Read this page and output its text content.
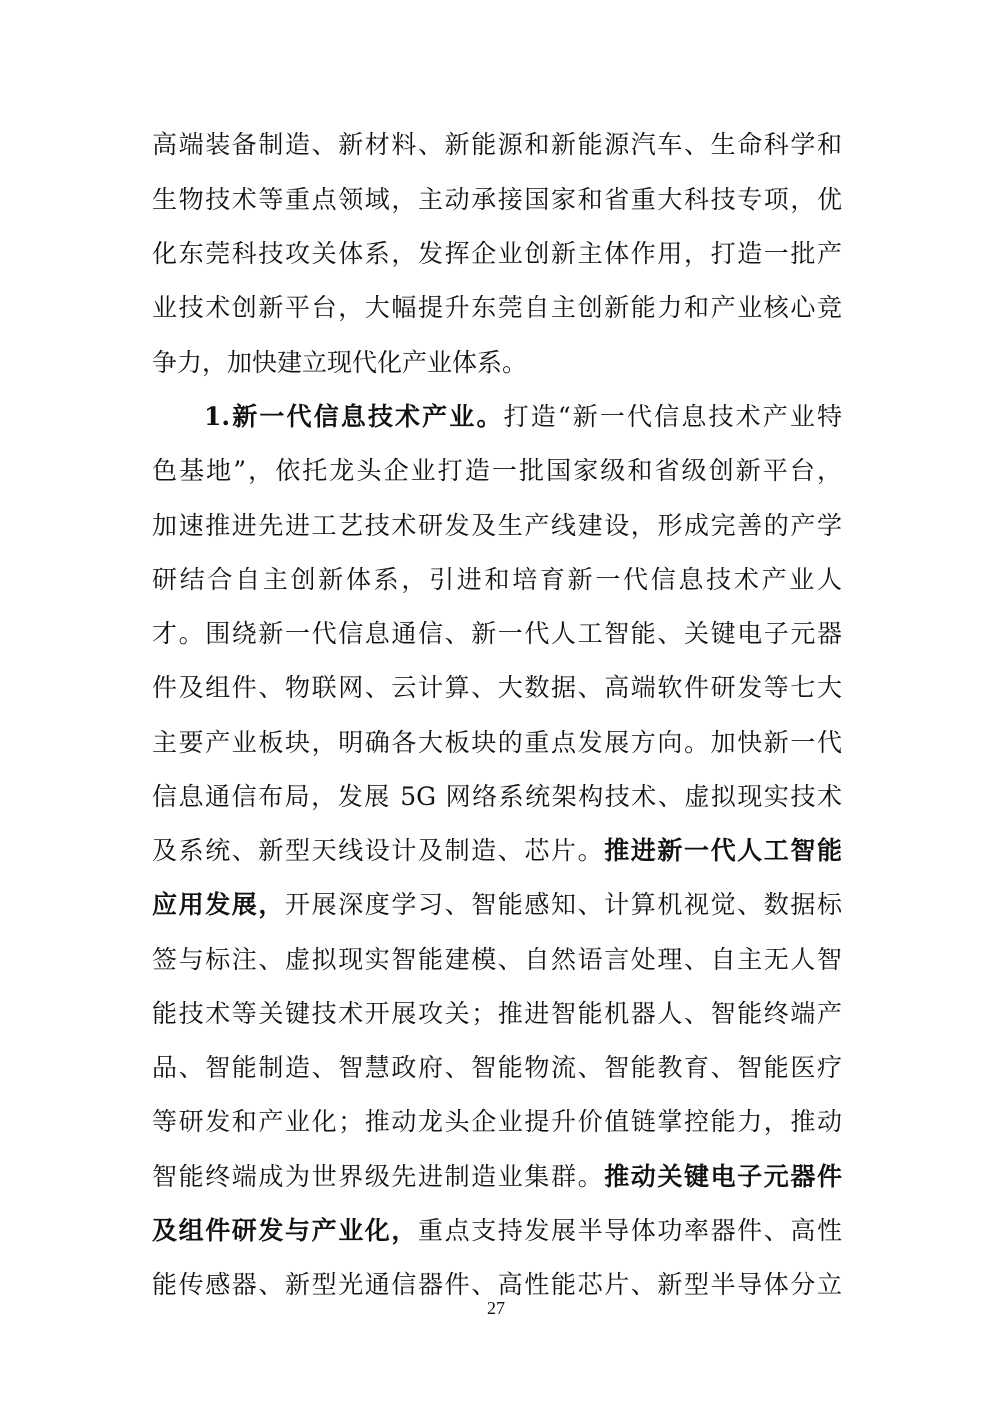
高端装备制造、新材料、新能源和新能源汽车、生命科学和
生物技术等重点领域，主动承接国家和省重大科技专项，优
化东莞科技攻关体系，发挥企业创新主体作用，打造一批产
业技术创新平台，大幅提升东莞自主创新能力和产业核心竞
争力，加快建立现代化产业体系。
1.新一代信息技术产业。打造“新一代信息技术产业特
色基地”，依托龙头企业打造一批国家级和省级创新平台，
加速推进先进工艺技术研发及生产线建设，形成完善的产学
研结合自主创新体系，引进和培育新一代信息技术产业人
才。围绕新一代信息通信、新一代人工智能、关键电子元器
件及组件、物联网、云计算、大数据、高端软件研发等七大
主要产业板块，明确各大板块的重点发展方向。加快新一代
信息通信布局，发展 5G 网络系统架构技术、虚拟现实技术
及系统、新型天线设计及制造、芯片。推进新一代人工智能
应用发展，开展深度学习、智能感知、计算机视觉、数据标
签与标注、虚拟现实智能建模、自然语言处理、自主无人智
能技术等关键技术开展攻关；推进智能机器人、智能终端产
品、智能制造、智慧政府、智能物流、智能教育、智能医疗
等研发和产业化；推动龙头企业提升价值链掌控能力，推动
智能终端成为世界级先进制造业集群。推动关键电子元器件
及组件研发与产业化，重点支持发展半导体功率器件、高性
能传感器、新型光通信器件、高性能芯片、新型半导体分立
27
